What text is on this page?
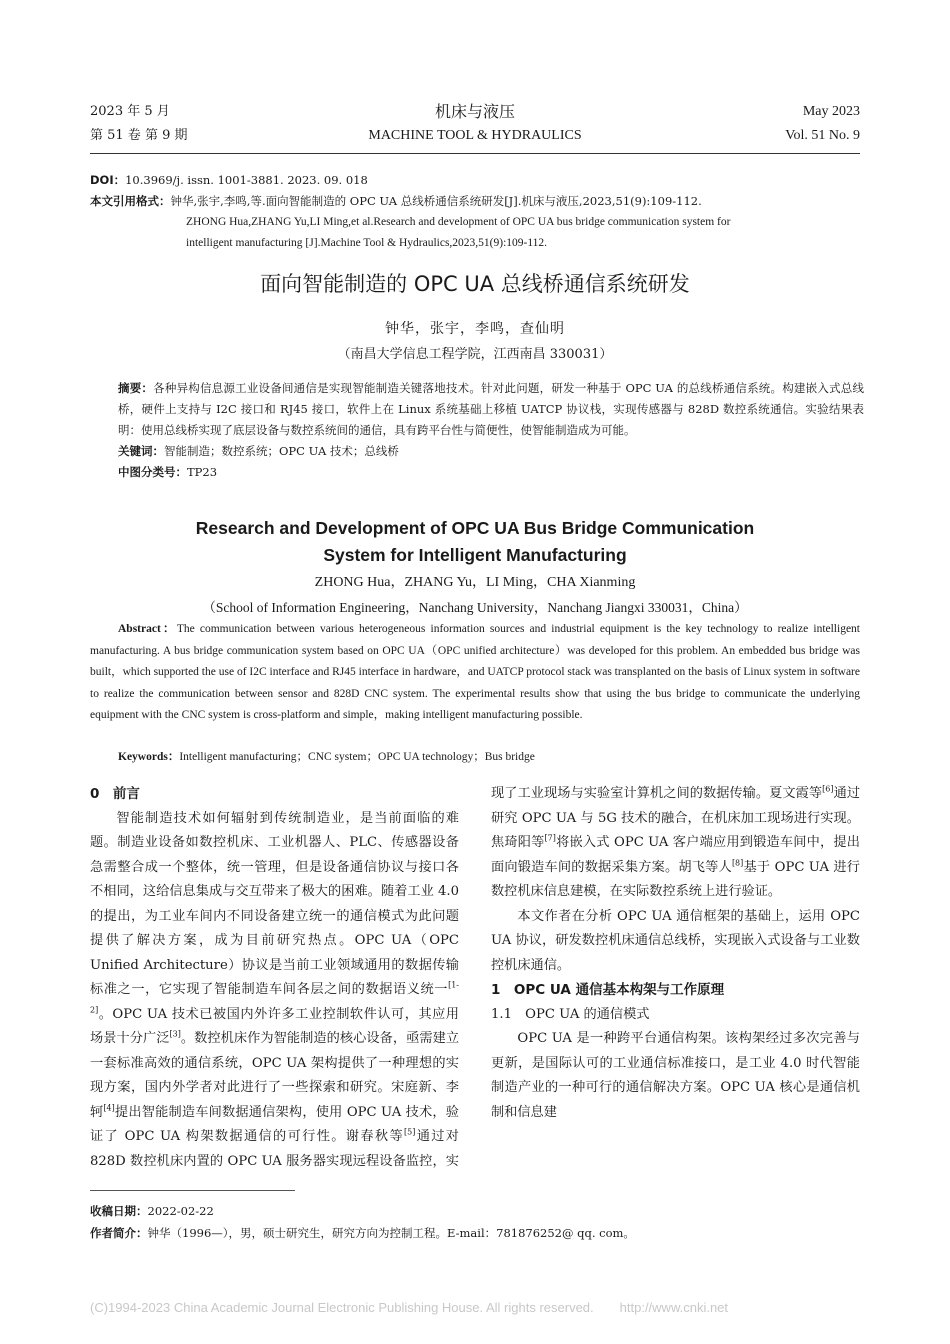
2023 年 5 月
第 51 卷 第 9 期
机床与液压
MACHINE TOOL & HYDRAULICS
May 2023
Vol. 51 No. 9
DOI：10.3969/j. issn. 1001-3881. 2023. 09. 018
本文引用格式：钟华,张宇,李鸣,等.面向智能制造的 OPC UA 总线桥通信系统研发[J].机床与液压,2023,51(9):109-112.
ZHONG Hua,ZHANG Yu,LI Ming,et al.Research and development of OPC UA bus bridge communication system for
intelligent manufacturing [J].Machine Tool & Hydraulics,2023,51(9):109-112.
面向智能制造的 OPC UA 总线桥通信系统研发
钟华，张宇，李鸣，查仙明
（南昌大学信息工程学院，江西南昌 330031）
摘要：各种异构信息源工业设备间通信是实现智能制造关键落地技术。针对此问题，研发一种基于 OPC UA 的总线桥通信系统。构建嵌入式总线桥，硬件上支持与 I2C 接口和 RJ45 接口，软件上在 Linux 系统基础上移植 UATCP 协议栈，实现传感器与 828D 数控系统通信。实验结果表明：使用总线桥实现了底层设备与数控系统间的通信，具有跨平台性与简便性，使智能制造成为可能。
关键词：智能制造；数控系统；OPC UA 技术；总线桥
中图分类号：TP23
Research and Development of OPC UA Bus Bridge Communication
System for Intelligent Manufacturing
ZHONG Hua，ZHANG Yu，LI Ming，CHA Xianming
（School of Information Engineering，Nanchang University，Nanchang Jiangxi 330031，China）
Abstract：The communication between various heterogeneous information sources and industrial equipment is the key technology to realize intelligent manufacturing. A bus bridge communication system based on OPC UA（OPC unified architecture）was developed for this problem. An embedded bus bridge was built，which supported the use of I2C interface and RJ45 interface in hardware，and UATCP protocol stack was transplanted on the basis of Linux system in software to realize the communication between sensor and 828D CNC system. The experimental results show that using the bus bridge to communicate the underlying equipment with the CNC system is cross-platform and simple，making intelligent manufacturing possible.
Keywords：Intelligent manufacturing；CNC system；OPC UA technology；Bus bridge
0　前言

智能制造技术如何辐射到传统制造业，是当前面临的难题。制造业设备如数控机床、工业机器人、PLC、传感器设备急需整合成一个整体，统一管理，但是设备通信协议与接口各不相同，这给信息集成与交互带来了极大的困难。随着工业 4.0 的提出，为工业车间内不同设备建立统一的通信模式为此问题提供了解决方案，成为目前研究热点。OPC UA（OPC Unified Architecture）协议是当前工业领域通用的数据传输标准之一，它实现了智能制造车间各层之间的数据语义统一[1-2]。OPC UA 技术已被国内外许多工业控制软件认可，其应用场景十分广泛[3]。数控机床作为智能制造的核心设备，亟需建立一套标准高效的通信系统，OPC UA 架构提供了一种理想的实现方案，国内外学者对此进行了一些探索和研究。宋庭新、李轲[4]提出智能制造车间数据通信架构，使用 OPC UA 技术，验证了 OPC UA 构架数据通信的可行性。谢春秋等[5]通过对 828D 数控机床内置的 OPC UA 服务器实现远程设备监控，实现了工业现场与实验室计算机之间的数据传输。夏文霞等[6]通过研究 OPC UA 与 5G 技术的融合，在机床加工现场进行实现。焦琦阳等[7]将嵌入式 OPC UA 客户端应用到锻造车间中，提出面向锻造车间的数据采集方案。胡飞等人[8]基于 OPC UA 进行数控机床信息建模，在实际数控系统上进行验证。

本文作者在分析 OPC UA 通信框架的基础上，运用 OPC UA 协议，研发数控机床通信总线桥，实现嵌入式设备与工业数控机床通信。

1　OPC UA 通信基本构架与工作原理
1.1　OPC UA 的通信模式

OPC UA 是一种跨平台通信构架。该构架经过多次完善与更新，是国际认可的工业通信标准接口，是工业 4.0 时代智能制造产业的一种可行的通信解决方案。OPC UA 核心是通信机制和信息建

收稿日期：2022-02-22
作者简介：钟华（1996—），男，硕士研究生，研究方向为控制工程。E-mail：781876252@ qq. com。
(C)1994-2023 China Academic Journal Electronic Publishing House. All rights reserved.　　http://www.cnki.net
